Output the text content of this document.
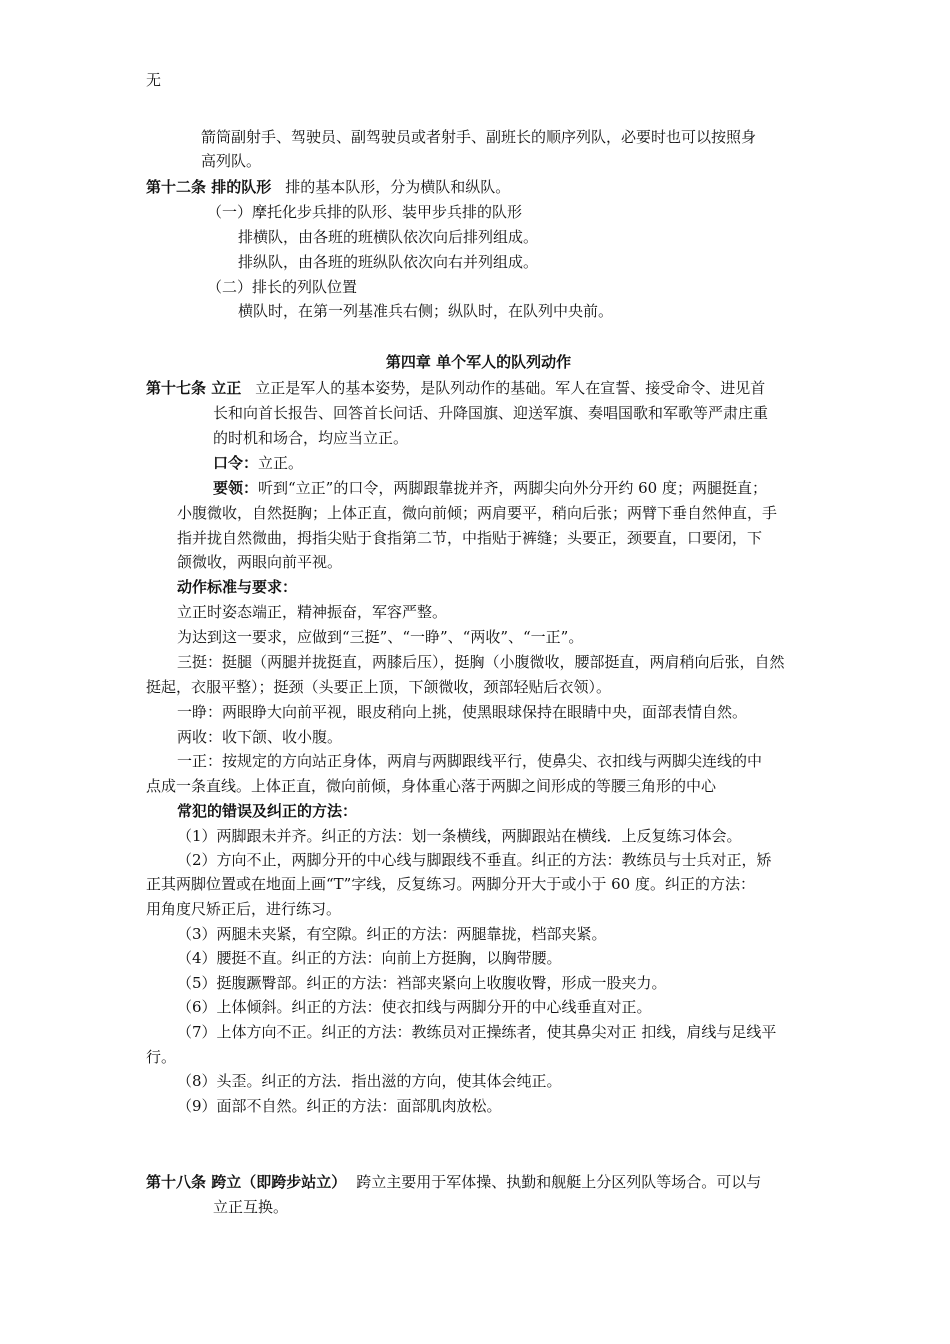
无
箭筒副射手、驾驶员、副驾驶员或者射手、副班长的顺序列队，必要时也可以按照身
高列队。
第十二条 排的队形 排的基本队形，分为横队和纵队。
（一）摩托化步兵排的队形、装甲步兵排的队形
排横队，由各班的班横队依次向后排列组成。
排纵队，由各班的班纵队依次向右并列组成。
（二）排长的列队位置
横队时，在第一列基准兵右侧；纵队时，在队列中央前。
第四章 单个军人的队列动作
第十七条 立正 立正是军人的基本姿势，是队列动作的基础。军人在宣誓、接受命令、进见首
长和向首长报告、回答首长问话、升降国旗、迎送军旗、奏唱国歌和军歌等严肃庄重
的时机和场合，均应当立正。
口令：立正。
要领：听到“立正”的口令，两脚跟靠拢并齐，两脚尖向外分开约 60 度；两腿挺直；
小腹微收，自然挺胸；上体正直，微向前倾；两肩要平，稍向后张；两臂下垂自然伸直，手
指并拢自然微曲，拇指尖贴于食指第二节，中指贴于裤缝；头要正，颈要直，口要闭，下
颌微收，两眼向前平视。
动作标准与要求：
立正时姿态端正，精神振奋，军容严整。
为达到这一要求，应做到“三挺”、“一睁”、“两收”、“一正”。
三挺：挺腿（两腿并拢挺直，两膝后压），挺胸（小腹微收，腰部挺直，两肩稍向后张，自然
挺起，衣服平整）；挺颈（头要正上顶，下颌微收，颈部轻贴后衣领）。
一睁：两眼睁大向前平视，眼皮稍向上挑，使黑眼球保持在眼睛中央，面部表情自然。
两收：收下颌、收小腹。
一正：按规定的方向站正身体，两肩与两脚跟线平行，使鼻尖、衣扣线与两脚尖连线的中
点成一条直线。上体正直，微向前倾，身体重心落于两脚之间形成的等腰三角形的中心
常犯的错误及纠正的方法：
（1）两脚跟未并齐。纠正的方法：划一条横线，两脚跟站在横线．上反复练习体会。
（2）方向不止，两脚分开的中心线与脚跟线不垂直。纠正的方法：教练员与士兵对正，矫
正其两脚位置或在地面上画“T”字线，反复练习。两脚分开大于或小于 60 度。纠正的方法：
用角度尺矫正后，进行练习。
（3）两腿未夹紧，有空隙。纠正的方法：两腿靠拢，档部夹紧。
（4）腰挺不直。纠正的方法：向前上方挺胸，以胸带腰。
（5）挺腹蹶臀部。纠正的方法：裆部夹紧向上收腹收臀，形成一股夹力。
（6）上体倾斜。纠正的方法：使衣扣线与两脚分开的中心线垂直对正。
（7）上体方向不正。纠正的方法：教练员对正操练者，使其鼻尖对正 扣线，肩线与足线平
行。
（8）头歪。纠正的方法．指出滋的方向，使其体会纯正。
（9）面部不自然。纠正的方法：面部肌肉放松。
第十八条 跨立（即跨步站立） 跨立主要用于军体操、执勤和舰艇上分区列队等场合。可以与
立正互换。
